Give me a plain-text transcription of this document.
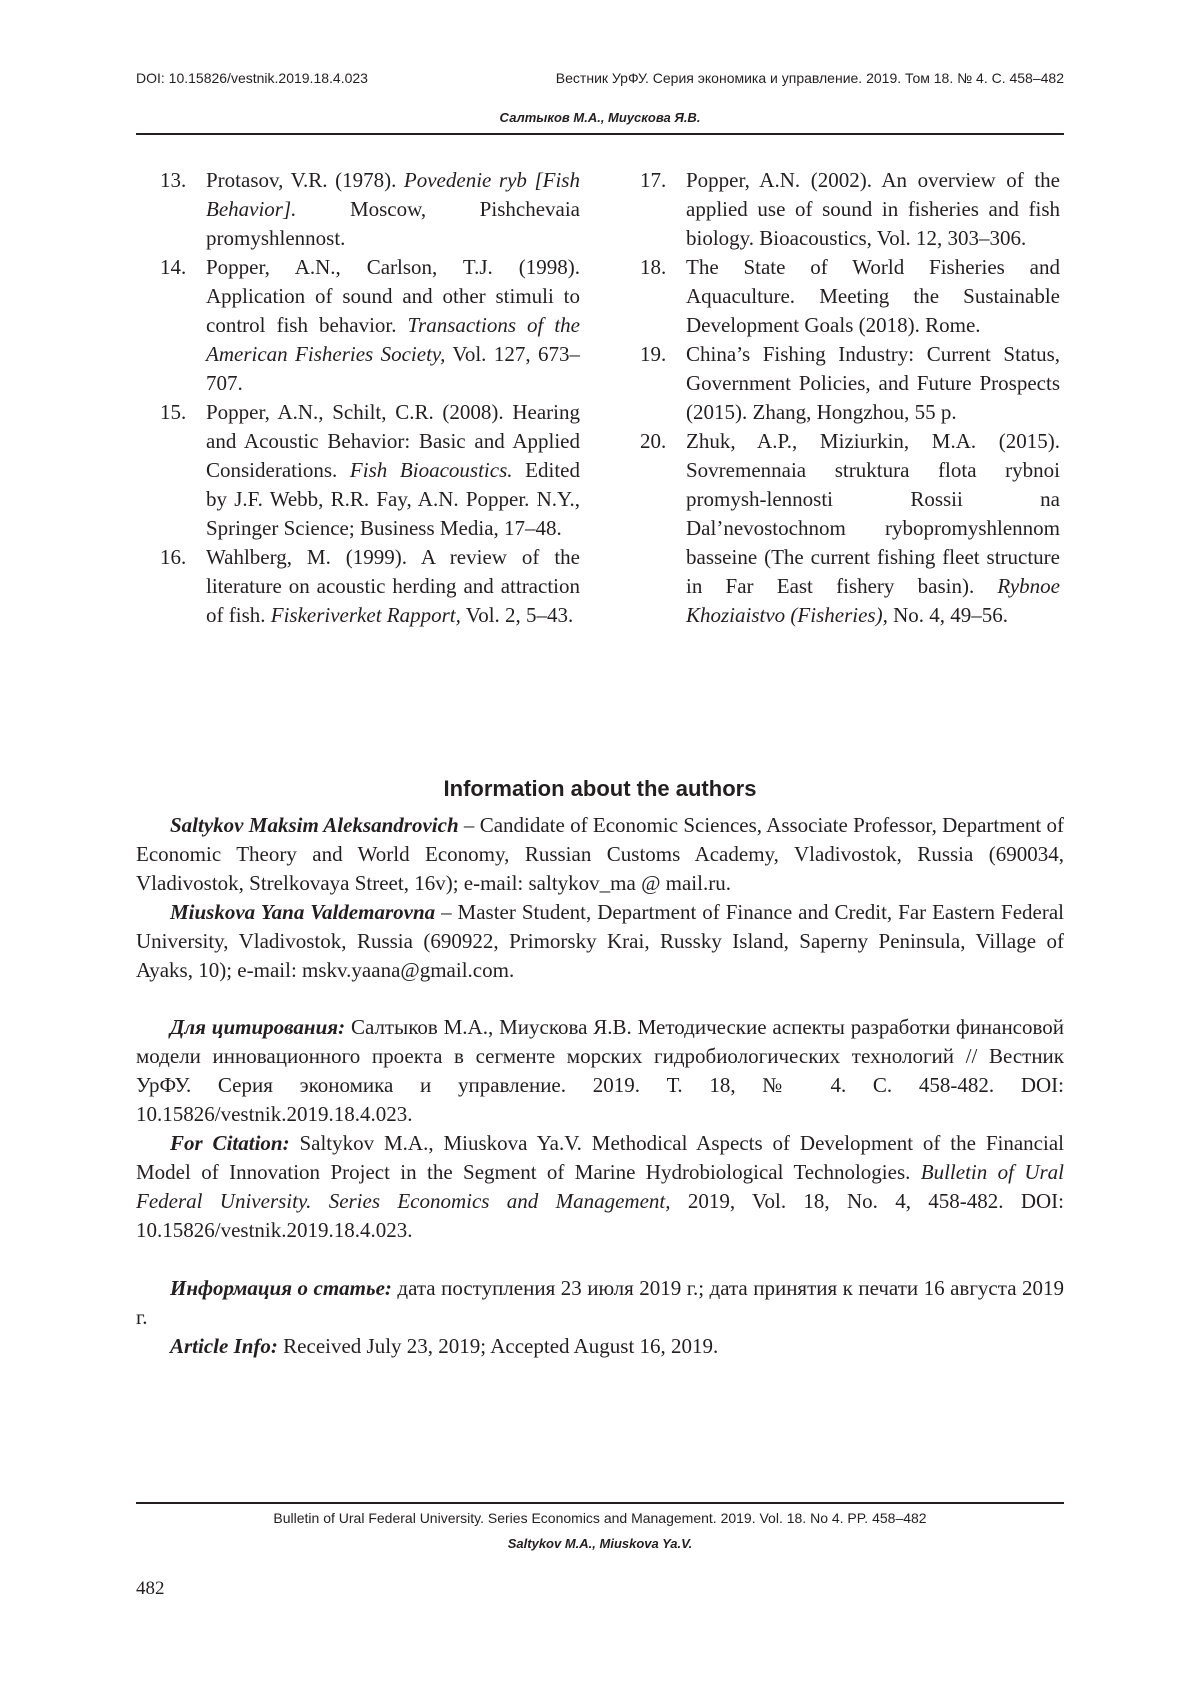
DOI: 10.15826/vestnik.2019.18.4.023	Вестник УрФУ. Серия экономика и управление. 2019. Том 18. № 4. С. 458–482
Салтыков М.А., Миускова Я.В.
13. Protasov, V.R. (1978). Povedenie ryb [Fish Behavior]. Moscow, Pishchevaia promyshlennost.
14. Popper, A.N., Carlson, T.J. (1998). Application of sound and other stimuli to control fish behavior. Transactions of the American Fisheries Society, Vol. 127, 673–707.
15. Popper, A.N., Schilt, C.R. (2008). Hearing and Acoustic Behavior: Basic and Applied Considerations. Fish Bioacoustics. Edited by J.F. Webb, R.R. Fay, A.N. Popper. N.Y., Springer Science; Business Media, 17–48.
16. Wahlberg, M. (1999). A review of the literature on acoustic herding and attraction of fish. Fiskeriverket Rapport, Vol. 2, 5–43.
17. Popper, A.N. (2002). An overview of the applied use of sound in fisheries and fish biology. Bioacoustics, Vol. 12, 303–306.
18. The State of World Fisheries and Aquaculture. Meeting the Sustainable Development Goals (2018). Rome.
19. China’s Fishing Industry: Current Status, Government Policies, and Future Prospects (2015). Zhang, Hongzhou, 55 p.
20. Zhuk, A.P., Miziurkin, M.A. (2015). Sovremennaia struktura flota rybnoi promysh-lennosti Rossii na Dal’nevostochnom rybopromyshlennom basseine (The current fishing fleet structure in Far East fishery basin). Rybnoe Khoziaistvo (Fisheries), No. 4, 49–56.
Information about the authors
Saltykov Maksim Aleksandrovich – Candidate of Economic Sciences, Associate Professor, Department of Economic Theory and World Economy, Russian Customs Academy, Vladivostok, Russia (690034, Vladivostok, Strelkovaya Street, 16v); e-mail: saltykov_ma @ mail.ru.
Miuskova Yana Valdemarovna – Master Student, Department of Finance and Credit, Far Eastern Federal University, Vladivostok, Russia (690922, Primorsky Krai, Russky Island, Saperny Peninsula, Village of Ayaks, 10); e-mail: mskv.yaana@gmail.com.
Для цитирования: Салтыков М.А., Миускова Я.В. Методические аспекты разработки финансовой модели инновационного проекта в сегменте морских гидробиологических технологий // Вестник УрФУ. Серия экономика и управление. 2019. Т. 18, № 4. С. 458-482. DOI: 10.15826/vestnik.2019.18.4.023.
For Citation: Saltykov M.A., Miuskova Ya.V. Methodical Aspects of Development of the Financial Model of Innovation Project in the Segment of Marine Hydrobiological Technologies. Bulletin of Ural Federal University. Series Economics and Management, 2019, Vol. 18, No. 4, 458-482. DOI: 10.15826/vestnik.2019.18.4.023.
Информация о статье: дата поступления 23 июля 2019 г.; дата принятия к печати 16 августа 2019 г.
Article Info: Received July 23, 2019; Accepted August 16, 2019.
Bulletin of Ural Federal University. Series Economics and Management. 2019. Vol. 18. No 4. PP. 458–482
Saltykov M.A., Miuskova Ya.V.
482
